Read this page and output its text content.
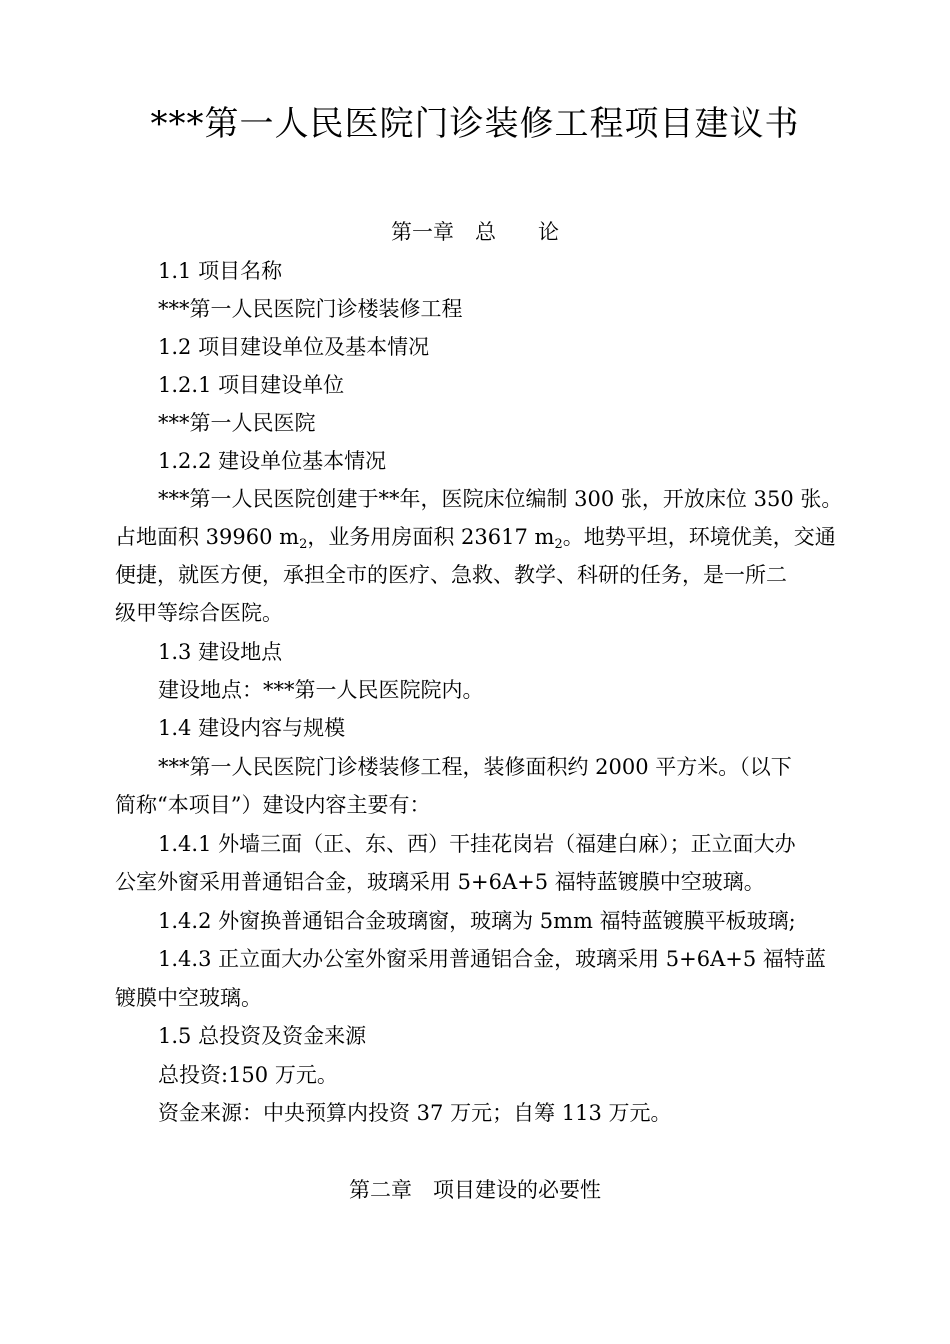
***第一人民医院门诊装修工程项目建议书
第一章　总　　论
1.1 项目名称
***第一人民医院门诊楼装修工程
1.2 项目建设单位及基本情况
1.2.1 项目建设单位
***第一人民医院
1.2.2 建设单位基本情况
***第一人民医院创建于**年，医院床位编制 300 张，开放床位 350 张。
占地面积 39960 $m^2$，业务用房面积 23617 $m^2$。地势平坦，环境优美，交通
便捷，就医方便，承担全市的医疗、急救、教学、科研的任务，是一所二
级甲等综合医院。
1.3 建设地点
建设地点：***第一人民医院院内。
1.4 建设内容与规模
***第一人民医院门诊楼装修工程，装修面积约 2000 平方米。（以下
简称“本项目”）建设内容主要有：
1.4.1 外墙三面（正、东、西）干挂花岗岩（福建白麻）；正立面大办
公室外窗采用普通铝合金，玻璃采用 5+6A+5 福特蓝镀膜中空玻璃。
1.4.2 外窗换普通铝合金玻璃窗，玻璃为 5mm 福特蓝镀膜平板玻璃;
1.4.3 正立面大办公室外窗采用普通铝合金，玻璃采用 5+6A+5 福特蓝
镀膜中空玻璃。
1.5 总投资及资金来源
总投资:150 万元。
资金来源：中央预算内投资 37 万元；自筹 113 万元。
第二章　项目建设的必要性
